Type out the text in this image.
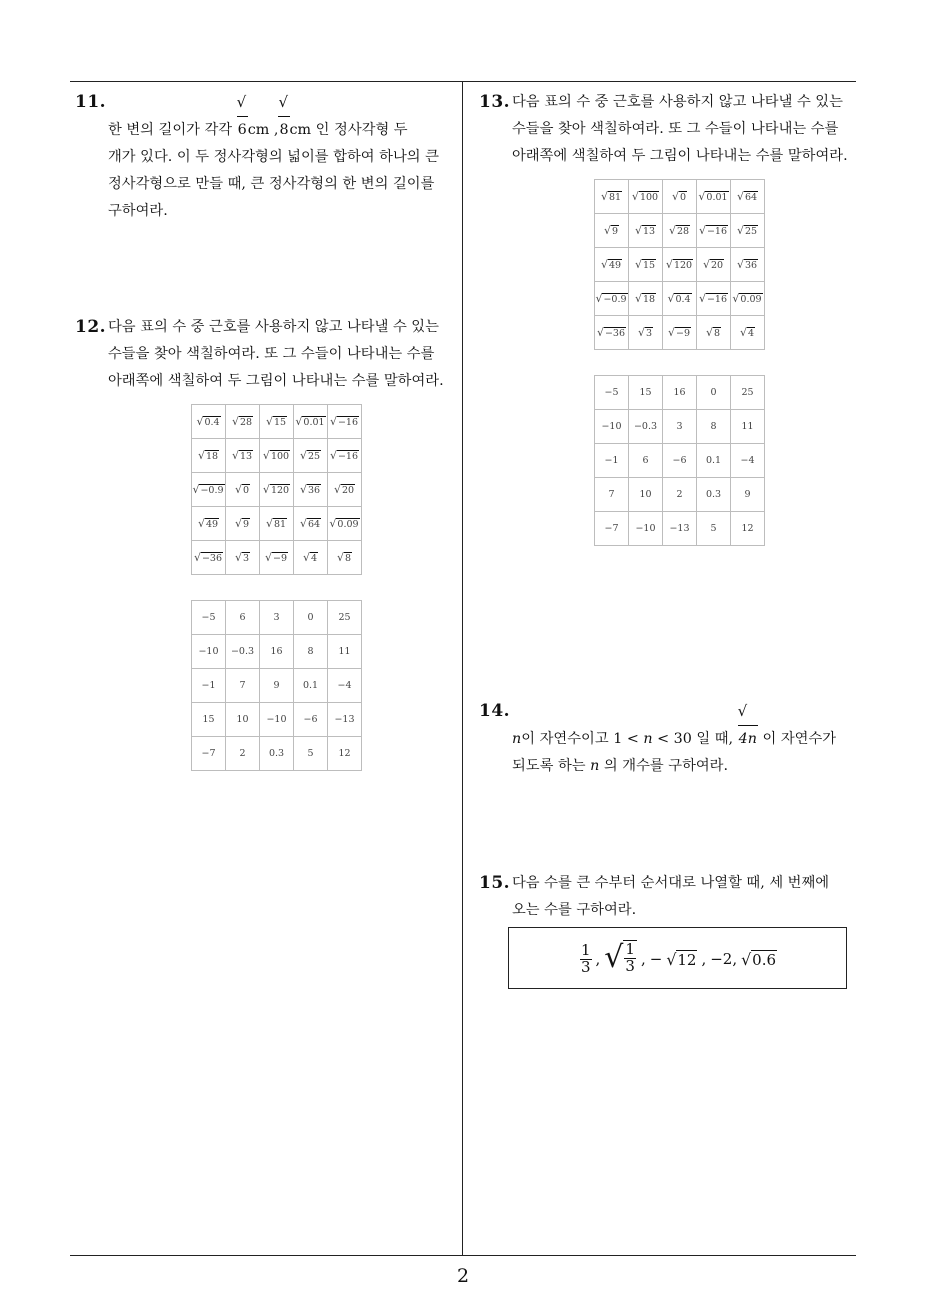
11.
한 변의 길이가 각각
√
6 cm ,
√
8 cm 인 정사각형 두
개가 있다. 이 두 정사각형의 넓이를 합하여 하나의 큰
정사각형으로 만들 때, 큰 정사각형의 한 변의 길이를
구하여라.
12. 다음 표의 수 중 근호를 사용하지 않고 나타낼 수 있는
수들을 찾아 색칠하여라. 또 그 수들이 나타내는 수를
아래쪽에 색칠하여 두 그림이 나타내는 수를 말하여라.
√0.4	√28	√15	√0.01	√−16
√18	√13	√100	√25	√−16
√−0.9	√0	√120	√36	√20
√49	√9	√81	√64	√0.09
√−36	√3	√−9	√4	√8
−5	6	3	0	25
−10	−0.3	16	8	11
−1	7	9	0.1	−4
15	10	−10	−6	−13
−7	2	0.3	5	12
13. 다음 표의 수 중 근호를 사용하지 않고 나타낼 수 있는
수들을 찾아 색칠하여라. 또 그 수들이 나타내는 수를
아래쪽에 색칠하여 두 그림이 나타내는 수를 말하여라.
√81	√100	√0	√0.01	√64
√9	√13	√28	√−16	√25
√49	√15	√120	√20	√36
√−0.9	√18	√0.4	√−16	√0.09
√−36	√3	√−9	√8	√4
−5	15	16	0	25
−10	−0.3	3	8	11
−1	6	−6	0.1	−4
7	10	2	0.3	9
−7	−10	−13	5	12
14.
n이 자연수이고 1 < n < 30 일 때,
√
4n 이 자연수가
되도록 하는 n 의 개수를 구하여라.
15. 다음 수를 큰 수부터 순서대로 나열할 때, 세 번째에
오는 수를 구하여라.
$\frac{1}{3}$ , √ $\frac{1}{3}$ , − √12 , −2, √0.6
2
